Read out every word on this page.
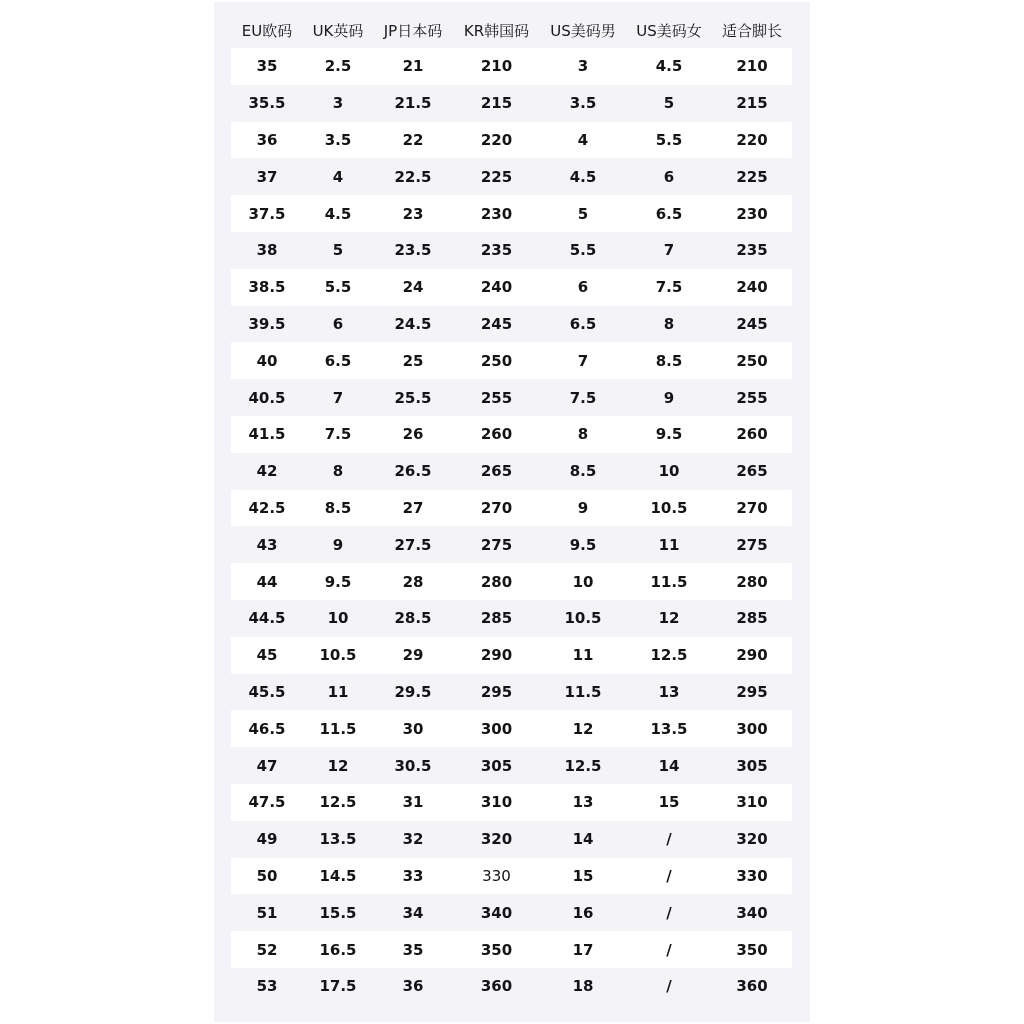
EU欧码	UK英码	JP日本码	KR韩国码	US美码男	US美码女	适合脚长
35	2.5	21	210	3	4.5	210
35.5	3	21.5	215	3.5	5	215
36	3.5	22	220	4	5.5	220
37	4	22.5	225	4.5	6	225
37.5	4.5	23	230	5	6.5	230
38	5	23.5	235	5.5	7	235
38.5	5.5	24	240	6	7.5	240
39.5	6	24.5	245	6.5	8	245
40	6.5	25	250	7	8.5	250
40.5	7	25.5	255	7.5	9	255
41.5	7.5	26	260	8	9.5	260
42	8	26.5	265	8.5	10	265
42.5	8.5	27	270	9	10.5	270
43	9	27.5	275	9.5	11	275
44	9.5	28	280	10	11.5	280
44.5	10	28.5	285	10.5	12	285
45	10.5	29	290	11	12.5	290
45.5	11	29.5	295	11.5	13	295
46.5	11.5	30	300	12	13.5	300
47	12	30.5	305	12.5	14	305
47.5	12.5	31	310	13	15	310
49	13.5	32	320	14	/	320
50	14.5	33	330	15	/	330
51	15.5	34	340	16	/	340
52	16.5	35	350	17	/	350
53	17.5	36	360	18	/	360
